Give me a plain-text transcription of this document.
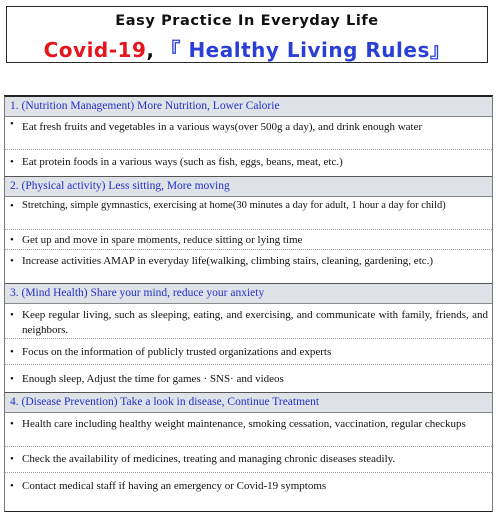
Easy Practice In Everyday Life
Covid-19, 『 Healthy Living Rules』
1. (Nutrition Management) More Nutrition, Lower Calorie
• Eat fresh fruits and vegetables in a various ways(over 500g a day), and drink enough water
• Eat protein foods in a various ways (such as fish, eggs, beans, meat, etc.)
2. (Physical activity) Less sitting, More moving
• Stretching, simple gymnastics, exercising at home(30 minutes a day for adult, 1 hour a day for child)
• Get up and move in spare moments, reduce sitting or lying time
• Increase activities AMAP in everyday life(walking, climbing stairs, cleaning, gardening, etc.)
3. (Mind Health) Share your mind, reduce your anxiety
• Keep regular living, such as sleeping, eating, and exercising, and communicate with family, friends, and neighbors.
• Focus on the information of publicly trusted organizations and experts
• Enough sleep, Adjust the time for games · SNS· and videos
4. (Disease Prevention) Take a look in disease, Continue Treatment
• Health care including healthy weight maintenance, smoking cessation, vaccination, regular checkups
• Check the availability of medicines, treating and managing chronic diseases steadily.
• Contact medical staff if having an emergency or Covid-19 symptoms
